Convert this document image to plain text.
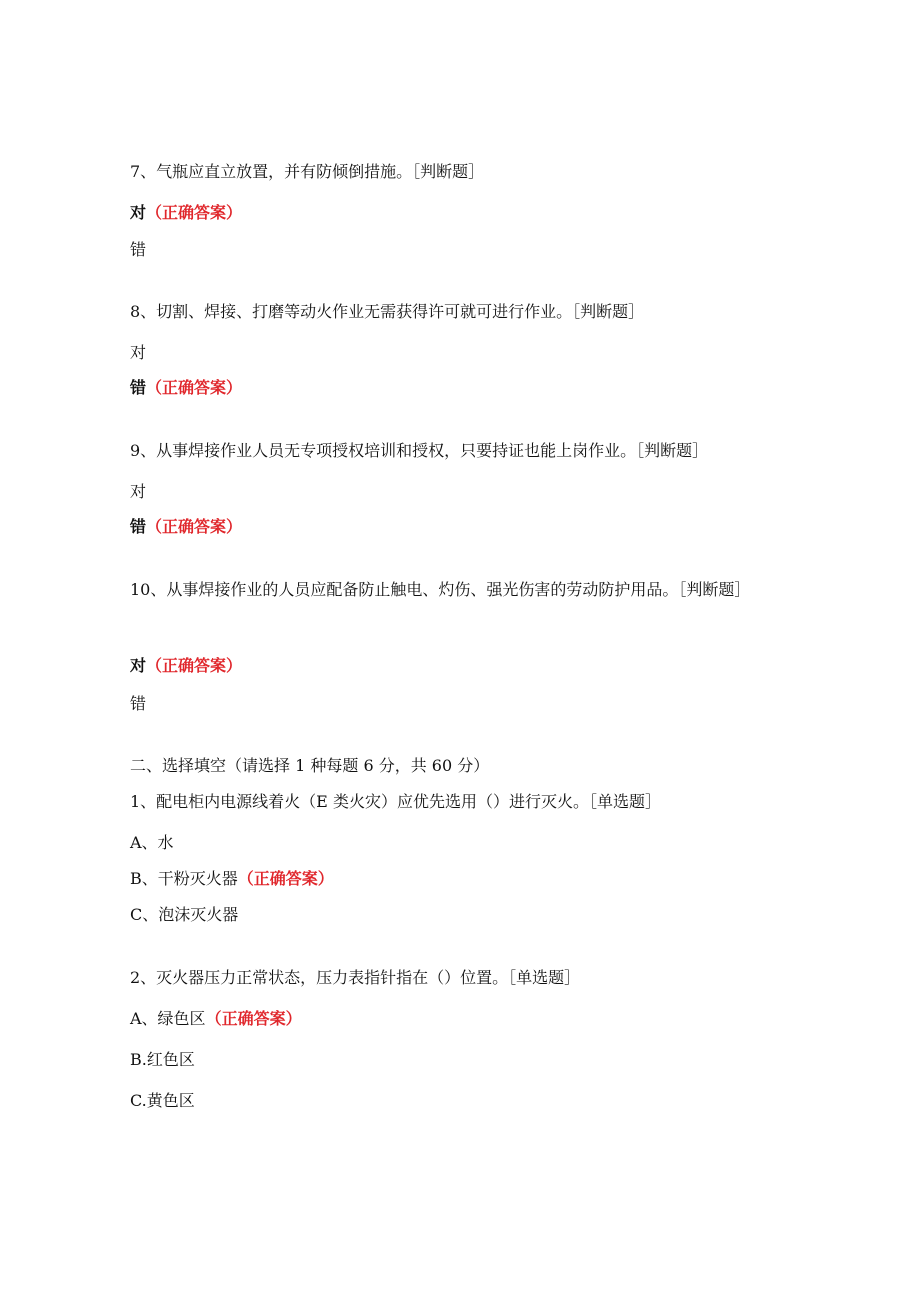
7、气瓶应直立放置，并有防倾倒措施。［判断题］
对（正确答案）
错
8、切割、焊接、打磨等动火作业无需获得许可就可进行作业。［判断题］
对
错（正确答案）
9、从事焊接作业人员无专项授权培训和授权，只要持证也能上岗作业。［判断题］
对
错（正确答案）
10、从事焊接作业的人员应配备防止触电、灼伤、强光伤害的劳动防护用品。［判断题］
对（正确答案）
错
二、选择填空（请选择 1 种每题 6 分，共 60 分）
1、配电柜内电源线着火（E 类火灾）应优先选用（）进行灭火。［单选题］
A、水
B、干粉灭火器（正确答案）
C、泡沫灭火器
2、灭火器压力正常状态，压力表指针指在（）位置。［单选题］
A、绿色区（正确答案）
B.红色区
C.黄色区
